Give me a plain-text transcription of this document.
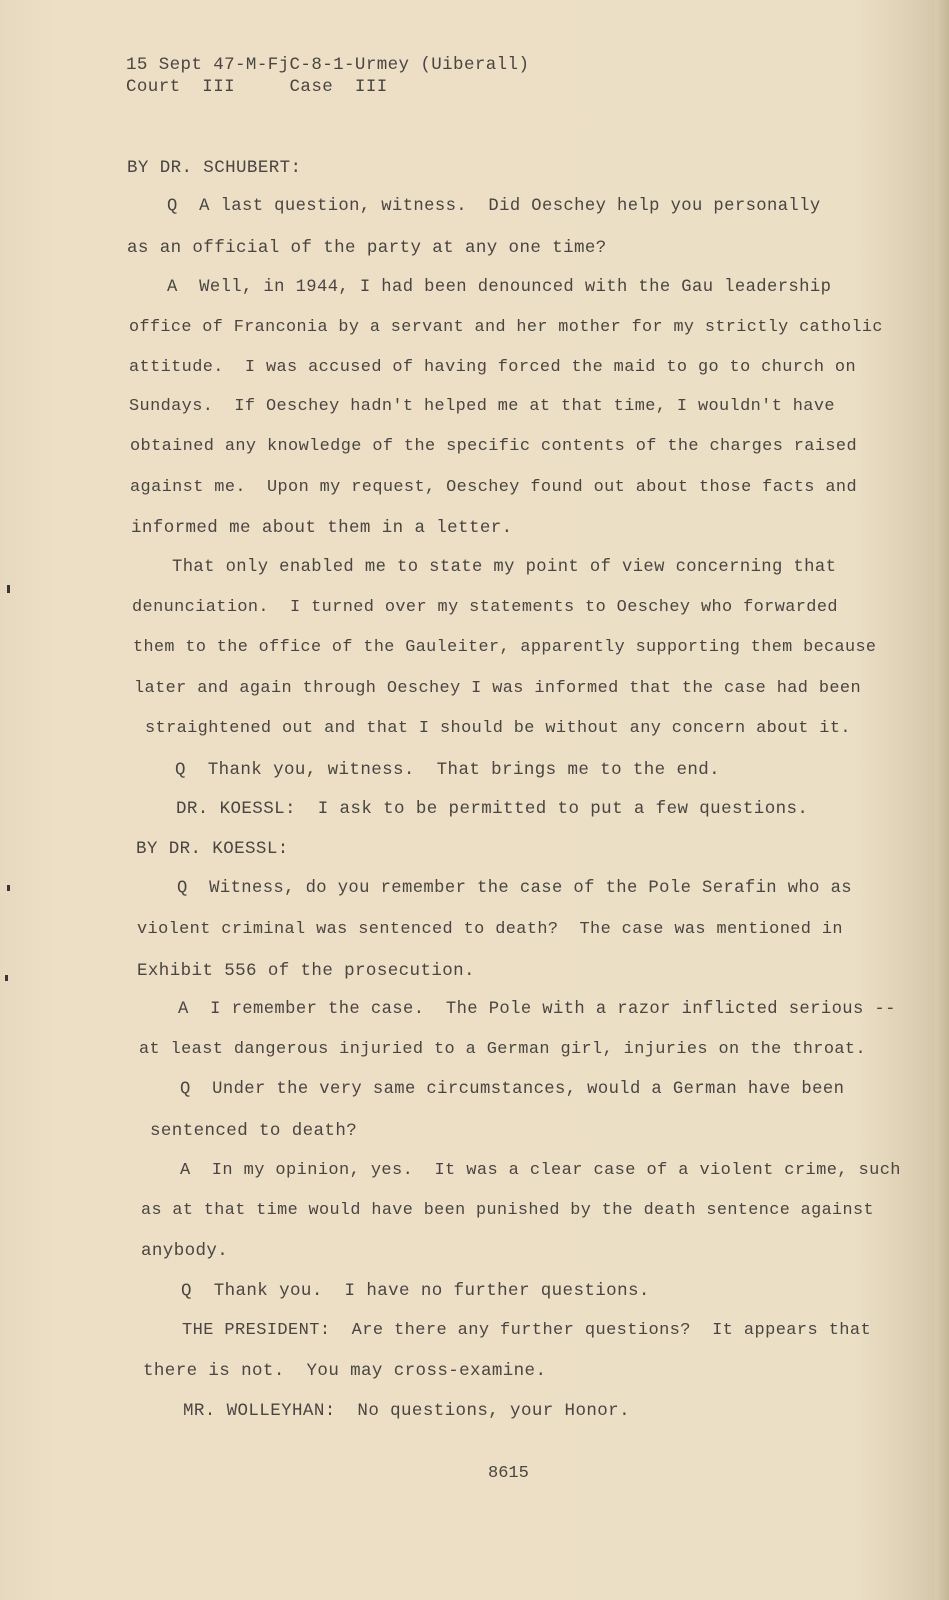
15 Sept 47-M-FjC-8-1-Urmey (Uiberall)
Court  III     Case  III
BY DR. SCHUBERT:
Q  A last question, witness.  Did Oeschey help you personally
as an official of the party at any one time?
A  Well, in 1944, I had been denounced with the Gau leadership
office of Franconia by a servant and her mother for my strictly catholic
attitude.  I was accused of having forced the maid to go to church on
Sundays.  If Oeschey hadn't helped me at that time, I wouldn't have
obtained any knowledge of the specific contents of the charges raised
against me.  Upon my request, Oeschey found out about those facts and
informed me about them in a letter.
That only enabled me to state my point of view concerning that
denunciation.  I turned over my statements to Oeschey who forwarded
them to the office of the Gauleiter, apparently supporting them because
later and again through Oeschey I was informed that the case had been
straightened out and that I should be without any concern about it.
Q  Thank you, witness.  That brings me to the end.
DR. KOESSL:  I ask to be permitted to put a few questions.
BY DR. KOESSL:
Q  Witness, do you remember the case of the Pole Serafin who as
violent criminal was sentenced to death?  The case was mentioned in
Exhibit 556 of the prosecution.
A  I remember the case.  The Pole with a razor inflicted serious --
at least dangerous injuried to a German girl, injuries on the throat.
Q  Under the very same circumstances, would a German have been
sentenced to death?
A  In my opinion, yes.  It was a clear case of a violent crime, such
as at that time would have been punished by the death sentence against
anybody.
Q  Thank you.  I have no further questions.
THE PRESIDENT:  Are there any further questions?  It appears that
there is not.  You may cross-examine.
MR. WOLLEYHAN:  No questions, your Honor.
8615
